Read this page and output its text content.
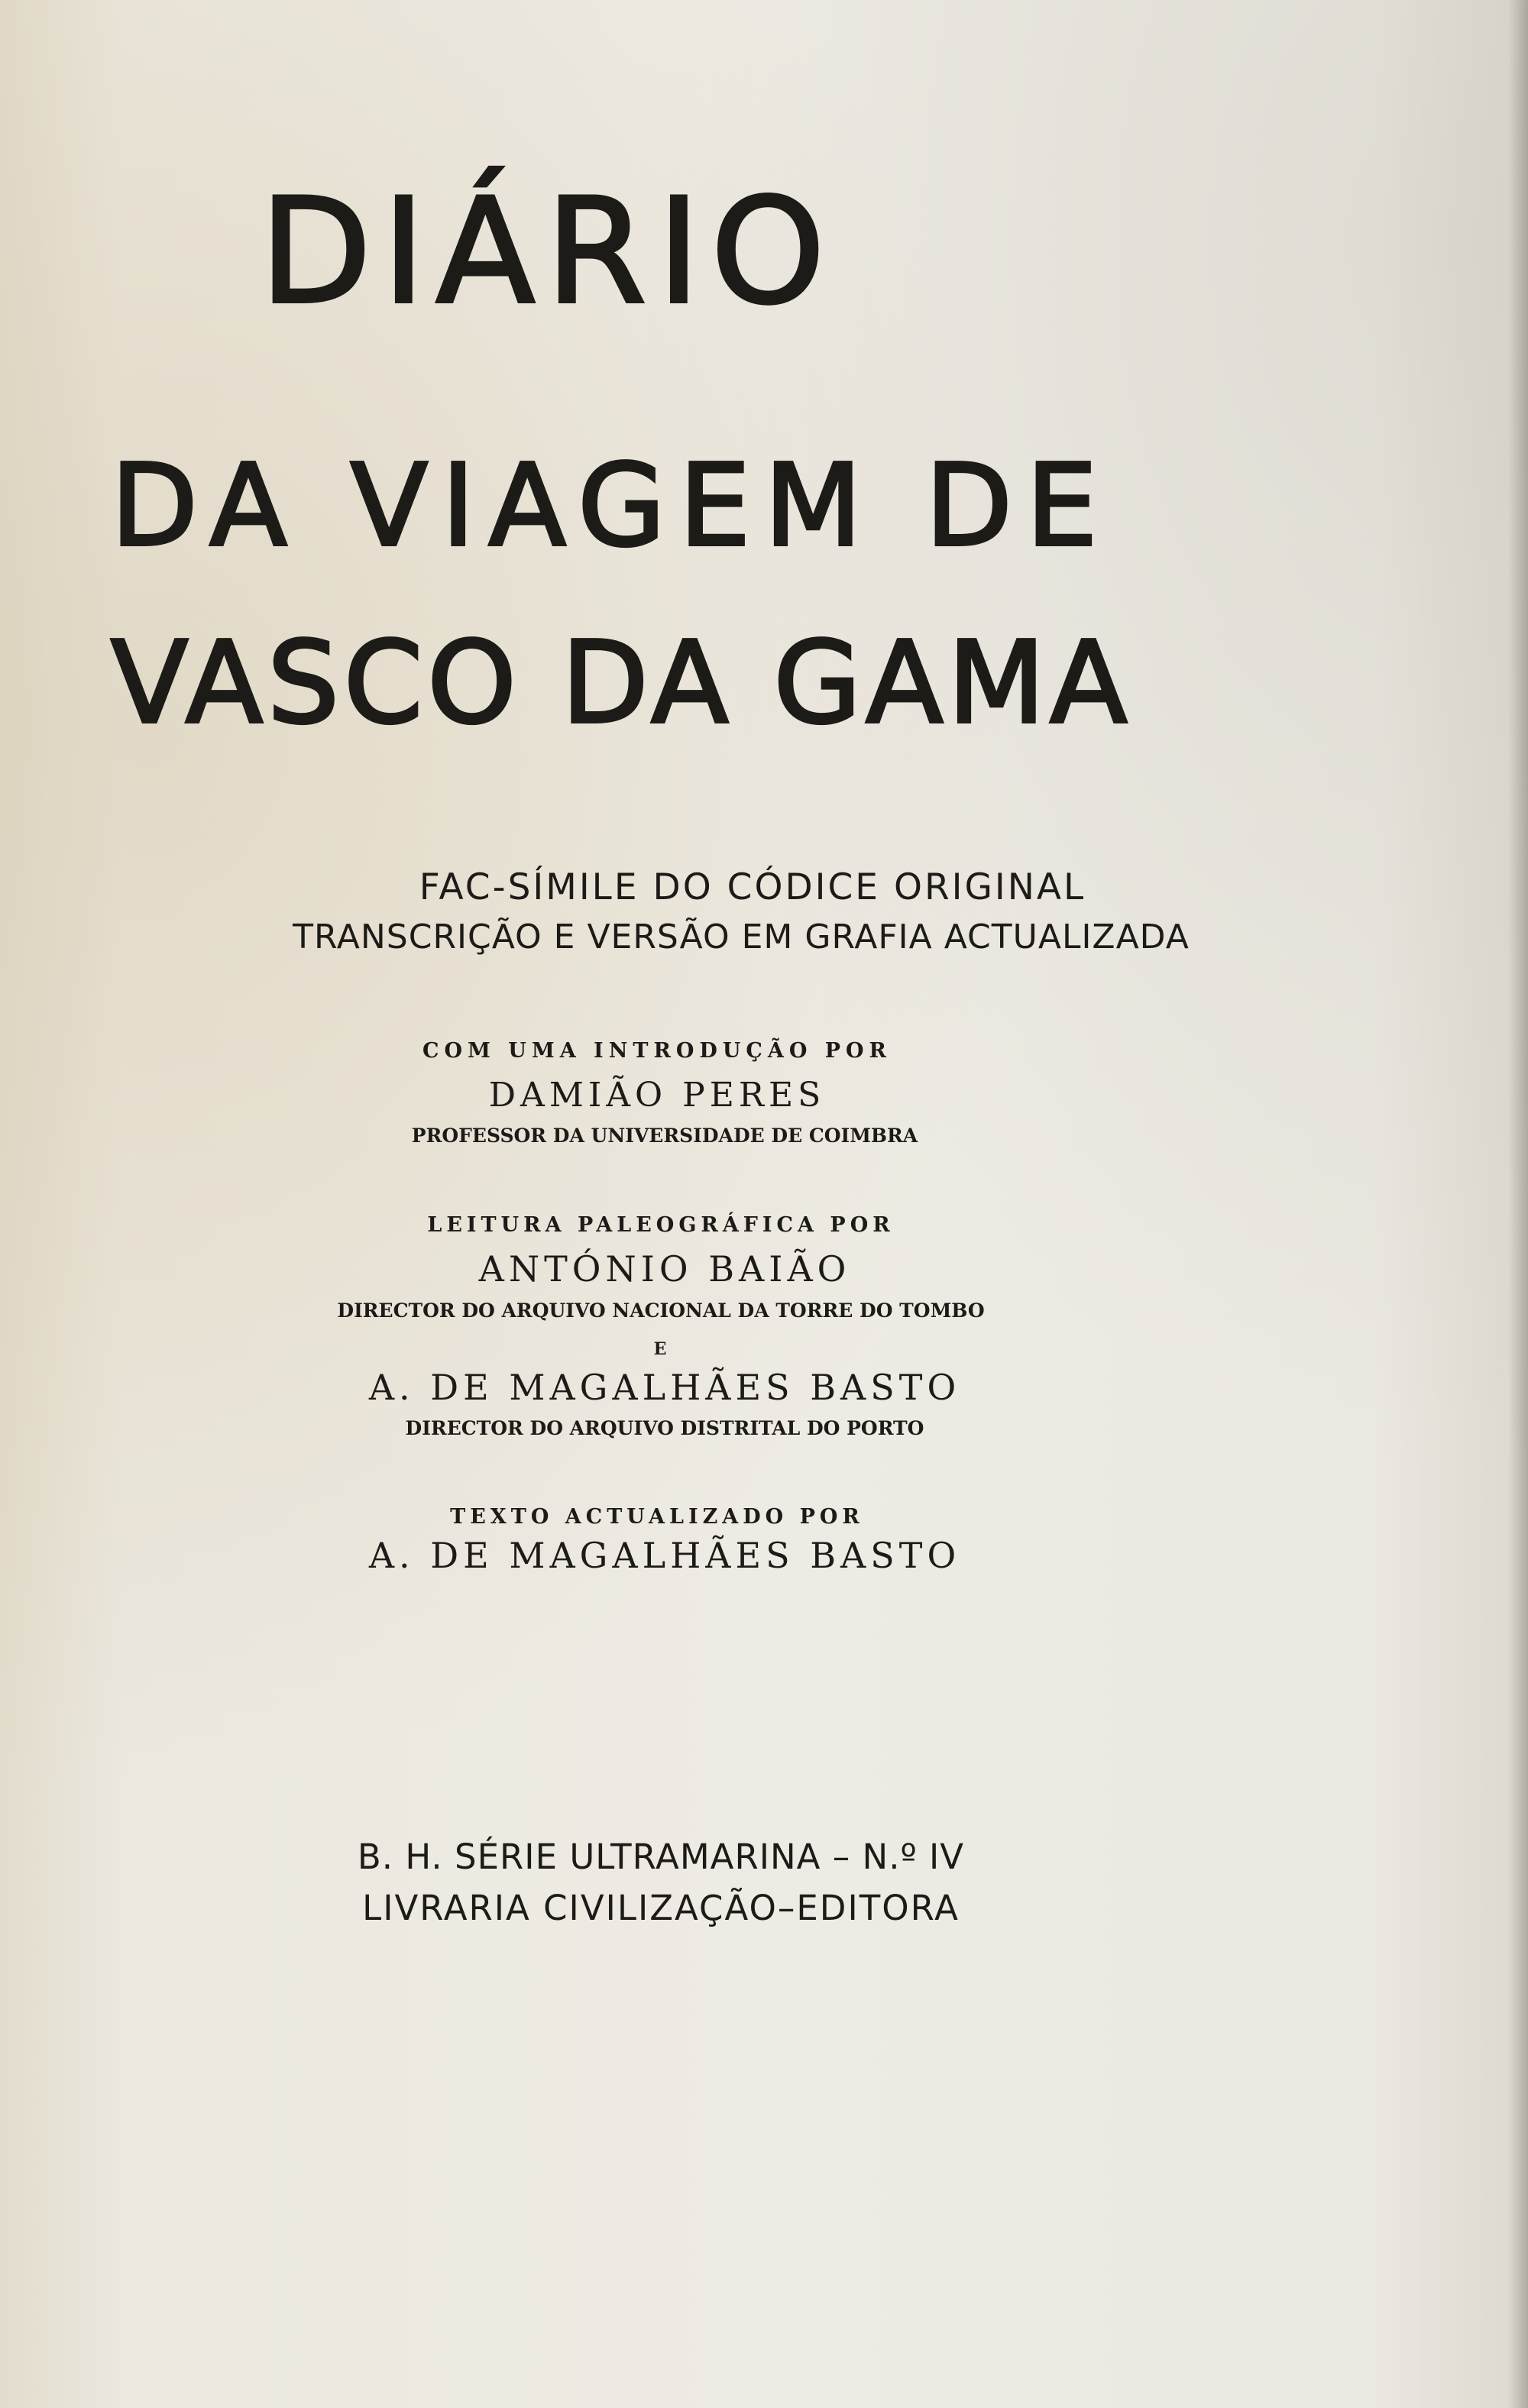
DIÁRIO
DA VIAGEM DE
VASCO DA GAMA
FAC-SÍMILE DO CÓDICE ORIGINAL
TRANSCRIÇÃO E VERSÃO EM GRAFIA ACTUALIZADA
COM UMA INTRODUÇÃO POR
DAMIÃO PERES
PROFESSOR DA UNIVERSIDADE DE COIMBRA
LEITURA PALEOGRÁFICA POR
ANTÓNIO BAIÃO
DIRECTOR DO ARQUIVO NACIONAL DA TORRE DO TOMBO
E
A. DE MAGALHÃES BASTO
DIRECTOR DO ARQUIVO DISTRITAL DO PORTO
TEXTO ACTUALIZADO POR
A. DE MAGALHÃES BASTO
B. H. SÉRIE ULTRAMARINA – N.º IV
LIVRARIA CIVILIZAÇÃO–EDITORA
